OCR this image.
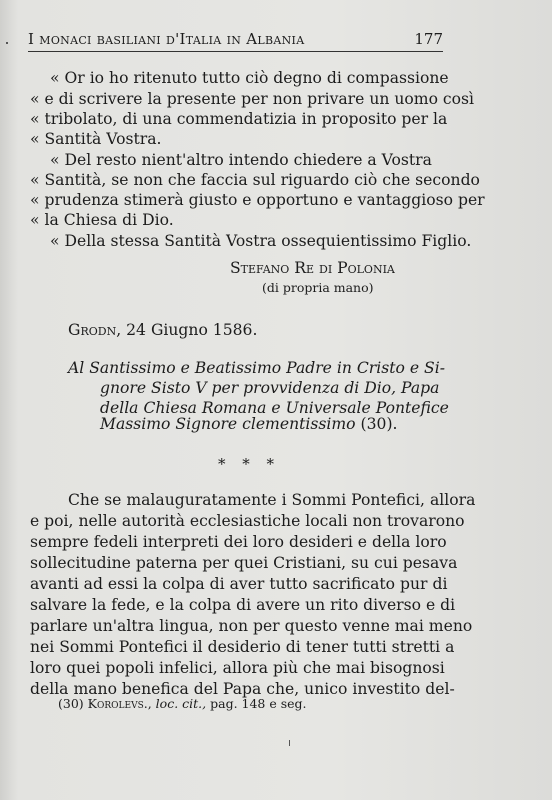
I monaci basiliani d'Italia in Albania	177
« Or io ho ritenuto tutto ciò degno di compassione
« e di scrivere la presente per non privare un uomo così
« tribolato, di una commendatizia in proposito per la
« Santità Vostra.
« Del resto nient'altro intendo chiedere a Vostra
« Santità, se non che faccia sul riguardo ciò che secondo
« prudenza stimerà giusto e opportuno e vantaggioso per
« la Chiesa di Dio.
« Della stessa Santità Vostra ossequientissimo Figlio.
Stefano Re di Polonia
(di propria mano)
Grodn, 24 Giugno 1586.
Al Santissimo e Beatissimo Padre in Cristo e Si-
gnore Sisto V per provvidenza di Dio, Papa
della Chiesa Romana e Universale Pontefice
Massimo Signore clementissimo (30).
* * *
Che se malauguratamente i Sommi Pontefici, allora
e poi, nelle autorità ecclesiastiche locali non trovarono
sempre fedeli interpreti dei loro desideri e della loro
sollecitudine paterna per quei Cristiani, su cui pesava
avanti ad essi la colpa di aver tutto sacrificato pur di
salvare la fede, e la colpa di avere un rito diverso e di
parlare un'altra lingua, non per questo venne mai meno
nei Sommi Pontefici il desiderio di tener tutti stretti a
loro quei popoli infelici, allora più che mai bisognosi
della mano benefica del Papa che, unico investito del-
(30) Korolevs., loc. cit., pag. 148 e seg.
